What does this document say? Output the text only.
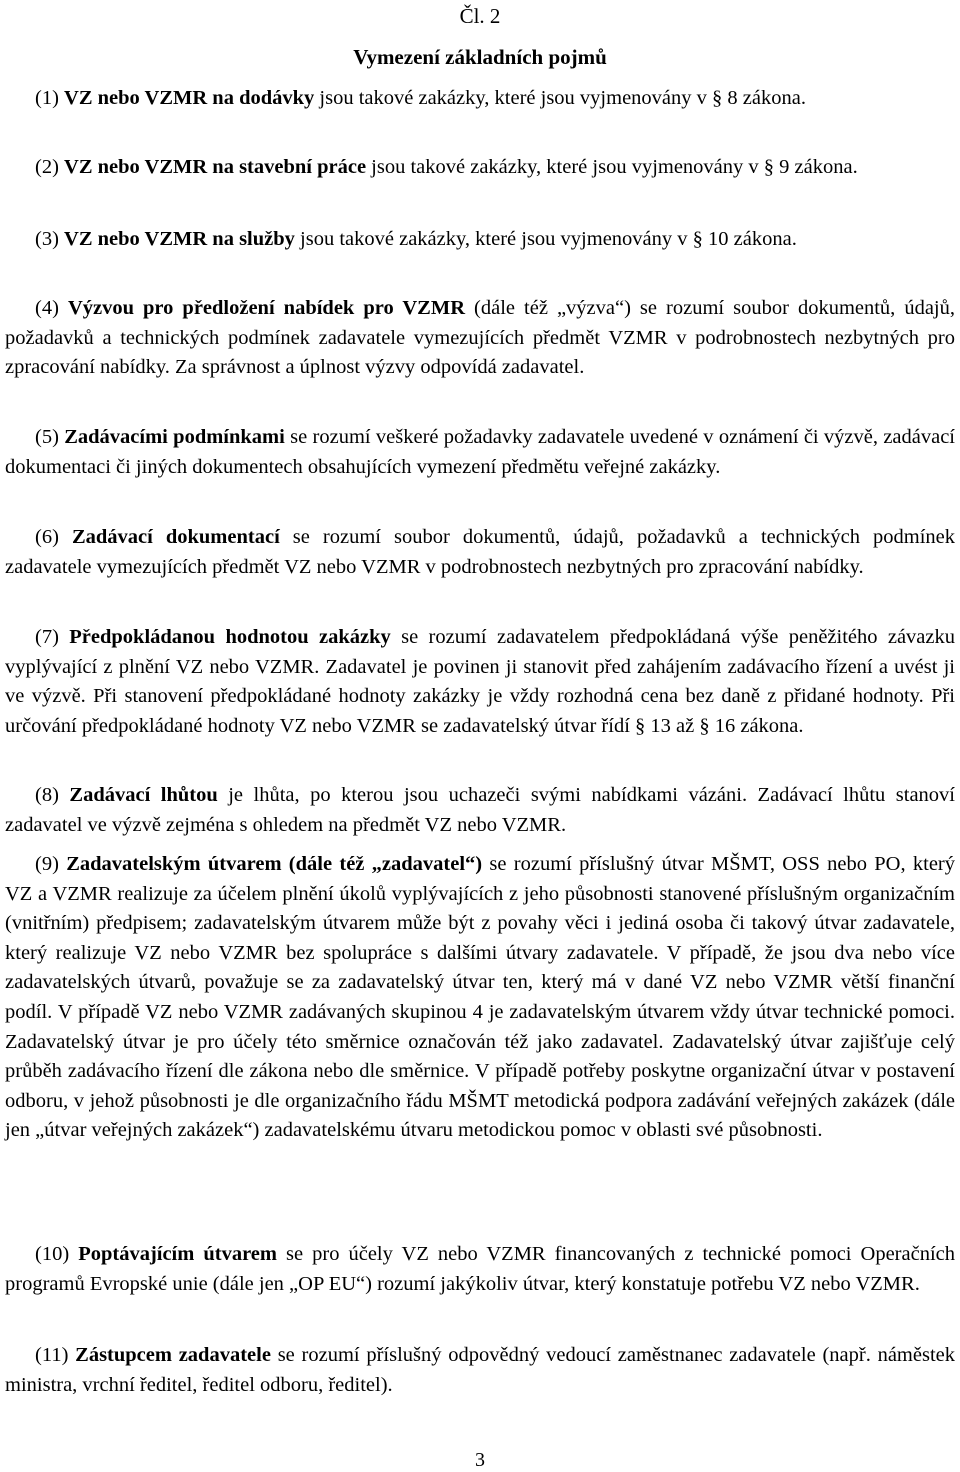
Čl. 2
Vymezení základních pojmů
(1) VZ nebo VZMR na dodávky jsou takové zakázky, které jsou vyjmenovány v § 8 zákona.
(2) VZ nebo VZMR na stavební práce jsou takové zakázky, které jsou vyjmenovány v § 9 zákona.
(3) VZ nebo VZMR na služby jsou takové zakázky, které jsou vyjmenovány v § 10 zákona.
(4) Výzvou pro předložení nabídek pro VZMR (dále též „výzva“) se rozumí soubor dokumentů, údajů, požadavků a technických podmínek zadavatele vymezujících předmět VZMR v podrobnostech nezbytných pro zpracování nabídky. Za správnost a úplnost výzvy odpovídá zadavatel.
(5) Zadávacími podmínkami se rozumí veškeré požadavky zadavatele uvedené v oznámení či výzvě, zadávací dokumentaci či jiných dokumentech obsahujících vymezení předmětu veřejné zakázky.
(6) Zadávací dokumentací se rozumí soubor dokumentů, údajů, požadavků a technických podmínek zadavatele vymezujících předmět VZ nebo VZMR v podrobnostech nezbytných pro zpracování nabídky.
(7) Předpokládanou hodnotou zakázky se rozumí zadavatelem předpokládaná výše peněžitého závazku vyplývající z plnění VZ nebo VZMR. Zadavatel je povinen ji stanovit před zahájením zadávacího řízení a uvést ji ve výzvě. Při stanovení předpokládané hodnoty zakázky je vždy rozhodná cena bez daně z přidané hodnoty. Při určování předpokládané hodnoty VZ nebo VZMR se zadavatelský útvar řídí § 13 až § 16 zákona.
(8) Zadávací lhůtou je lhůta, po kterou jsou uchazeči svými nabídkami vázáni. Zadávací lhůtu stanoví zadavatel ve výzvě zejména s ohledem na předmět VZ nebo VZMR.
(9) Zadavatelským útvarem (dále též „zadavatel“) se rozumí příslušný útvar MŠMT, OSS nebo PO, který VZ a VZMR realizuje za účelem plnění úkolů vyplývajících z jeho působnosti stanovené příslušným organizačním (vnitřním) předpisem; zadavatelským útvarem může být z povahy věci i jediná osoba či takový útvar zadavatele, který realizuje VZ nebo VZMR bez spolupráce s dalšími útvary zadavatele. V případě, že jsou dva nebo více zadavatelských útvarů, považuje se za zadavatelský útvar ten, který má v dané VZ nebo VZMR větší finanční podíl. V případě VZ nebo VZMR zadávaných skupinou 4 je zadavatelským útvarem vždy útvar technické pomoci. Zadavatelský útvar je pro účely této směrnice označován též jako zadavatel. Zadavatelský útvar zajišťuje celý průběh zadávacího řízení dle zákona nebo dle směrnice. V případě potřeby poskytne organizační útvar v postavení odboru, v jehož působnosti je dle organizačního řádu MŠMT metodická podpora zadávání veřejných zakázek (dále jen „útvar veřejných zakázek“) zadavatelskému útvaru metodickou pomoc v oblasti své působnosti.
(10) Poptávajícím útvarem se pro účely VZ nebo VZMR financovaných z technické pomoci Operačních programů Evropské unie (dále jen „OP EU“) rozumí jakýkoliv útvar, který konstatuje potřebu VZ nebo VZMR.
(11) Zástupcem zadavatele se rozumí příslušný odpovědný vedoucí zaměstnanec zadavatele (např. náměstek ministra, vrchní ředitel, ředitel odboru, ředitel).
3
